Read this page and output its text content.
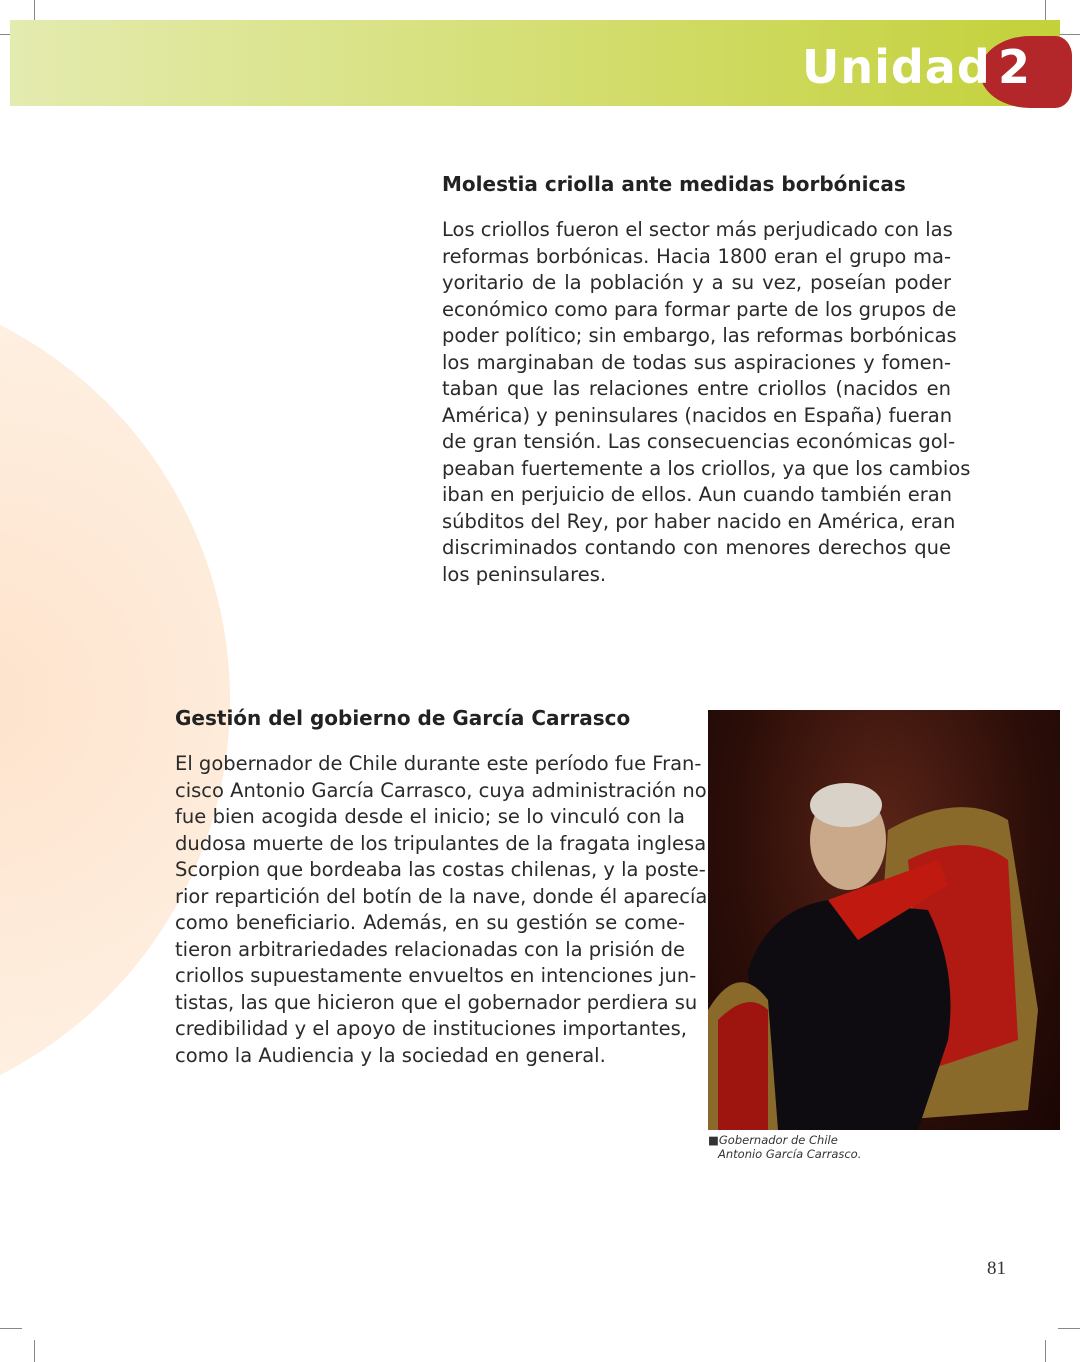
Unidad 2
Molestia criolla ante medidas borbónicas
Los criollos fueron el sector más perjudicado con las
reformas borbónicas. Hacia 1800 eran el grupo ma-
yoritario de la población y a su vez, poseían poder
económico como para formar parte de los grupos de
poder político; sin embargo, las reformas borbónicas
los marginaban de todas sus aspiraciones y fomen-
taban que las relaciones entre criollos (nacidos en
América) y peninsulares (nacidos en España) fueran
de gran tensión. Las consecuencias económicas gol-
peaban fuertemente a los criollos, ya que los cambios
iban en perjuicio de ellos. Aun cuando también eran
súbditos del Rey, por haber nacido en América, eran
discriminados contando con menores derechos que
los peninsulares.
Gestión del gobierno de García Carrasco
El gobernador de Chile durante este período fue Fran-
cisco Antonio García Carrasco, cuya administración no
fue bien acogida desde el inicio; se lo vinculó con la
dudosa muerte de los tripulantes de la fragata inglesa
Scorpion que bordeaba las costas chilenas, y la poste-
rior repartición del botín de la nave, donde él aparecía
como beneficiario. Además, en su gestión se come-
tieron arbitrariedades relacionadas con la prisión de
criollos supuestamente envueltos en intenciones jun-
tistas, las que hicieron que el gobernador perdiera su
credibilidad y el apoyo de instituciones importantes,
como la Audiencia y la sociedad en general.
■Gobernador de Chile
Antonio García Carrasco.
81
